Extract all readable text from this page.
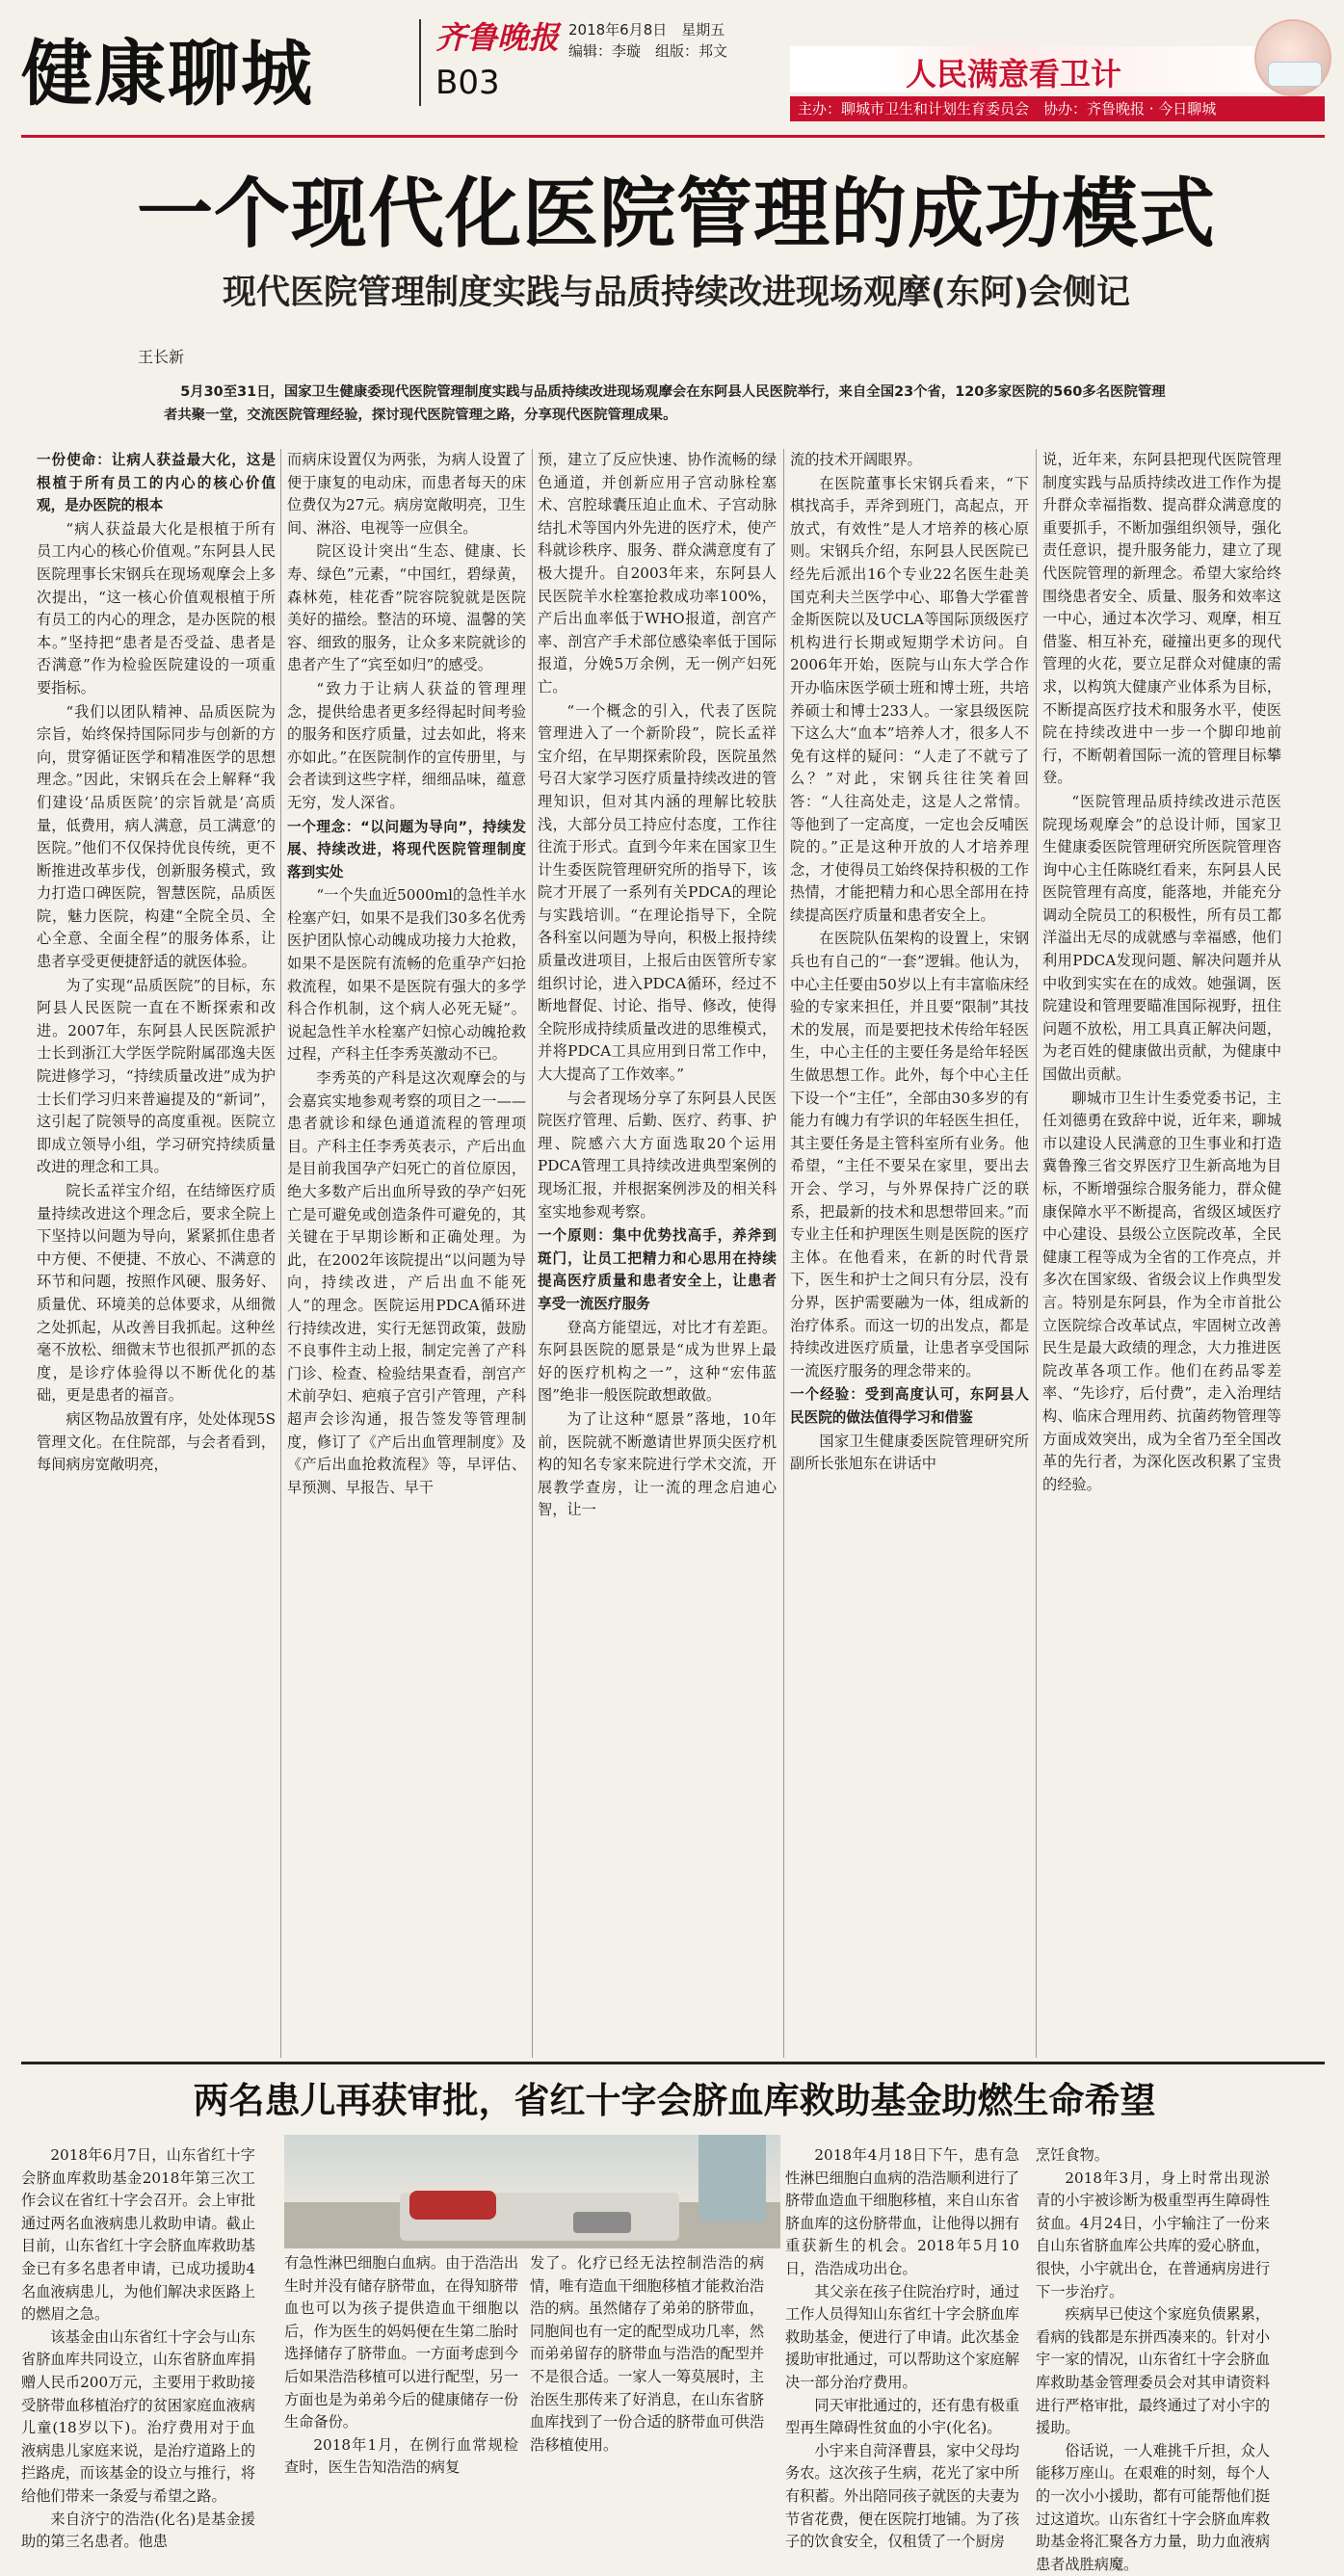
健康聊城	齐鲁晚报
B03
2018年6月8日　星期五
编辑：李璇　组版：邦文
人民满意看卫计
主办：聊城市卫生和计划生育委员会　协办：齐鲁晚报 · 今日聊城
一个现代化医院管理的成功模式
现代医院管理制度实践与品质持续改进现场观摩(东阿)会侧记
王长新
5月30至31日，国家卫生健康委现代医院管理制度实践与品质持续改进现场观摩会在东阿县人民医院举行，来自全国23个省，120多家医院的560多名医院管理者共聚一堂，交流医院管理经验，探讨现代医院管理之路，分享现代医院管理成果。

一份使命：让病人获益最大化，这是根植于所有员工的内心的核心价值观，是办医院的根本

“病人获益最大化是根植于所有员工内心的核心价值观。”东阿县人民医院理事长宋钢兵在现场观摩会上多次提出，“这一核心价值观根植于所有员工的内心的理念，是办医院的根本。”坚持把“患者是否受益、患者是否满意”作为检验医院建设的一项重要指标。

“我们以团队精神、品质医院为宗旨，始终保持国际同步与创新的方向，贯穿循证医学和精准医学的思想理念。”因此，宋钢兵在会上解释“我们建设‘品质医院’的宗旨就是‘高质量，低费用，病人满意，员工满意’的医院。”他们不仅保持优良传统，更不断推进改革步伐，创新服务模式，致力打造口碑医院，智慧医院，品质医院，魅力医院，构建“全院全员、全心全意、全面全程”的服务体系，让患者享受更便捷舒适的就医体验。

为了实现“品质医院”的目标，东阿县人民医院一直在不断探索和改进。2007年，东阿县人民医院派护士长到浙江大学医学院附属邵逸夫医院进修学习，“持续质量改进”成为护士长们学习归来普遍提及的“新词”，这引起了院领导的高度重视。医院立即成立领导小组，学习研究持续质量改进的理念和工具。

院长孟祥宝介绍，在结缔医疗质量持续改进这个理念后，要求全院上下坚持以问题为导向，紧紧抓住患者中方便、不便捷、不放心、不满意的环节和问题，按照作风硬、服务好、质量优、环境美的总体要求，从细微之处抓起，从改善目我抓起。这种丝毫不放松、细微末节也很抓严抓的态度，是诊疗体验得以不断优化的基础，更是患者的福音。

病区物品放置有序，处处体现5S管理文化。在住院部，与会者看到，每间病房宽敞明亮，

而病床设置仅为两张，为病人设置了便于康复的电动床，而患者每天的床位费仅为27元。病房宽敞明亮，卫生间、淋浴、电视等一应俱全。

院区设计突出“生态、健康、长寿、绿色”元素，“中国红，碧绿黄，森林苑，桂花香”院容院貌就是医院美好的描绘。整洁的环境、温馨的笑容、细致的服务，让众多来院就诊的患者产生了“宾至如归”的感受。

“致力于让病人获益的管理理念，提供给患者更多经得起时间考验的服务和医疗质量，过去如此，将来亦如此。”在医院制作的宣传册里，与会者读到这些字样，细细品味，蕴意无穷，发人深省。

一个理念：“以问题为导向”，持续发展、持续改进，将现代医院管理制度落到实处

“一个失血近5000ml的急性羊水栓塞产妇，如果不是我们30多名优秀医护团队惊心动魄成功接力大抢救，如果不是医院有流畅的危重孕产妇抢救流程，如果不是医院有强大的多学科合作机制，这个病人必死无疑”。说起急性羊水栓塞产妇惊心动魄抢救过程，产科主任李秀英激动不已。

李秀英的产科是这次观摩会的与会嘉宾实地参观考察的项目之一——患者就诊和绿色通道流程的管理项目。产科主任李秀英表示，产后出血是目前我国孕产妇死亡的首位原因，绝大多数产后出血所导致的孕产妇死亡是可避免或创造条件可避免的，其关键在于早期诊断和正确处理。为此，在2002年该院提出“以问题为导向，持续改进，产后出血不能死人”的理念。医院运用PDCA循环进行持续改进，实行无惩罚政策，鼓励不良事件主动上报，制定完善了产科门诊、检查、检验结果查看，剖宫产术前孕妇、疤痕子宫引产管理，产科超声会诊沟通，报告签发等管理制度，修订了《产后出血管理制度》及《产后出血抢救流程》等，早评估、早预测、早报告、早干

预，建立了反应快速、协作流畅的绿色通道，并创新应用子宫动脉栓塞术、宫腔球囊压迫止血术、子宫动脉结扎术等国内外先进的医疗术，使产科就诊秩序、服务、群众满意度有了极大提升。自2003年来，东阿县人民医院羊水栓塞抢救成功率100%，产后出血率低于WHO报道，剖宫产率、剖宫产手术部位感染率低于国际报道，分娩5万余例，无一例产妇死亡。

“一个概念的引入，代表了医院管理进入了一个新阶段”，院长孟祥宝介绍，在早期探索阶段，医院虽然号召大家学习医疗质量持续改进的管理知识，但对其内涵的理解比较肤浅，大部分员工持应付态度，工作往往流于形式。直到今年来在国家卫生计生委医院管理研究所的指导下，该院才开展了一系列有关PDCA的理论与实践培训。“在理论指导下，全院各科室以问题为导向，积极上报持续质量改进项目，上报后由医管所专家组织讨论，进入PDCA循环，经过不断地督促、讨论、指导、修改，使得全院形成持续质量改进的思维模式，并将PDCA工具应用到日常工作中，大大提高了工作效率。”

与会者现场分享了东阿县人民医院医疗管理、后勤、医疗、药事、护理、院感六大方面选取20个运用PDCA管理工具持续改进典型案例的现场汇报，并根据案例涉及的相关科室实地参观考察。

一个原则：集中优势找高手，养斧到斑门，让员工把精力和心思用在持续提高医疗质量和患者安全上，让患者享受一流医疗服务

登高方能望远，对比才有差距。东阿县医院的愿景是“成为世界上最好的医疗机构之一”，这种“宏伟蓝图”绝非一般医院敢想敢做。

为了让这种“愿景”落地，10年前，医院就不断邀请世界顶尖医疗机构的知名专家来院进行学术交流，开展教学查房，让一流的理念启迪心智，让一

流的技术开阔眼界。

在医院董事长宋钢兵看来，“下棋找高手，弄斧到班门，高起点，开放式，有效性”是人才培养的核心原则。宋钢兵介绍，东阿县人民医院已经先后派出16个专业22名医生赴美国克利夫兰医学中心、耶鲁大学霍普金斯医院以及UCLA等国际顶级医疗机构进行长期或短期学术访问。自2006年开始，医院与山东大学合作开办临床医学硕士班和博士班，共培养硕士和博士233人。一家县级医院下这么大“血本”培养人才，很多人不免有这样的疑问：“人走了不就亏了么？”对此，宋钢兵往往笑着回答：“人往高处走，这是人之常情。等他到了一定高度，一定也会反哺医院的。”正是这种开放的人才培养理念，才使得员工始终保持积极的工作热情，才能把精力和心思全部用在持续提高医疗质量和患者安全上。

在医院队伍架构的设置上，宋钢兵也有自己的“一套”逻辑。他认为，中心主任要由50岁以上有丰富临床经验的专家来担任，并且要“限制”其技术的发展，而是要把技术传给年轻医生，中心主任的主要任务是给年轻医生做思想工作。此外，每个中心主任下设一个“主任”，全部由30多岁的有能力有魄力有学识的年轻医生担任，其主要任务是主管科室所有业务。他希望，“主任不要呆在家里，要出去开会、学习，与外界保持广泛的联系，把最新的技术和思想带回来。”而专业主任和护理医生则是医院的医疗主体。在他看来，在新的时代背景下，医生和护士之间只有分层，没有分界，医护需要融为一体，组成新的治疗体系。而这一切的出发点，都是持续改进医疗质量，让患者享受国际一流医疗服务的理念带来的。

一个经验：受到高度认可，东阿县人民医院的做法值得学习和借鉴

国家卫生健康委医院管理研究所副所长张旭东在讲话中

说，近年来，东阿县把现代医院管理制度实践与品质持续改进工作作为提升群众幸福指数、提高群众满意度的重要抓手，不断加强组织领导，强化责任意识，提升服务能力，建立了现代医院管理的新理念。希望大家给终围绕患者安全、质量、服务和效率这一中心，通过本次学习、观摩，相互借鉴、相互补充，碰撞出更多的现代管理的火花，要立足群众对健康的需求，以构筑大健康产业体系为目标，不断提高医疗技术和服务水平，使医院在持续改进中一步一个脚印地前行，不断朝着国际一流的管理目标攀登。

“医院管理品质持续改进示范医院现场观摩会”的总设计师，国家卫生健康委医院管理研究所医院管理咨询中心主任陈晓红看来，东阿县人民医院管理有高度，能落地，并能充分调动全院员工的积极性，所有员工都洋溢出无尽的成就感与幸福感，他们利用PDCA发现问题、解决问题并从中收到实实在在的成效。她强调，医院建设和管理要瞄准国际视野，扭住问题不放松，用工具真正解决问题，为老百姓的健康做出贡献，为健康中国做出贡献。

聊城市卫生计生委党委书记，主任刘德勇在致辞中说，近年来，聊城市以建设人民满意的卫生事业和打造冀鲁豫三省交界医疗卫生新高地为目标，不断增强综合服务能力，群众健康保障水平不断提高，省级区域医疗中心建设、县级公立医院改革，全民健康工程等成为全省的工作亮点，并多次在国家级、省级会议上作典型发言。特别是东阿县，作为全市首批公立医院综合改革试点，牢固树立改善民生是最大政绩的理念，大力推进医院改革各项工作。他们在药品零差率、“先诊疗，后付费”，走入治理结构、临床合理用药、抗菌药物管理等方面成效突出，成为全省乃至全国改革的先行者，为深化医改积累了宝贵的经验。

两名患儿再获审批，省红十字会脐血库救助基金助燃生命希望

2018年6月7日，山东省红十字会脐血库救助基金2018年第三次工作会议在省红十字会召开。会上审批通过两名血液病患儿救助申请。截止目前，山东省红十字会脐血库救助基金已有多名患者申请，已成功援助4名血液病患儿，为他们解决求医路上的燃眉之急。

该基金由山东省红十字会与山东省脐血库共同设立，山东省脐血库捐赠人民币200万元，主要用于救助接受脐带血移植治疗的贫困家庭血液病儿童(18岁以下)。治疗费用对于血液病患儿家庭来说，是治疗道路上的拦路虎，而该基金的设立与推行，将给他们带来一条爱与希望之路。

来自济宁的浩浩(化名)是基金援助的第三名患者。他患

有急性淋巴细胞白血病。由于浩浩出生时并没有储存脐带血，在得知脐带血也可以为孩子提供造血干细胞以后，作为医生的妈妈便在生第二胎时选择储存了脐带血。一方面考虑到今后如果浩浩移植可以进行配型，另一方面也是为弟弟今后的健康储存一份生命备份。

2018年1月，在例行血常规检查时，医生告知浩浩的病复

发了。化疗已经无法控制浩浩的病情，唯有造血干细胞移植才能救治浩浩的病。虽然储存了弟弟的脐带血，同胞间也有一定的配型成功几率，然而弟弟留存的脐带血与浩浩的配型并不是很合适。一家人一筹莫展时，主治医生那传来了好消息，在山东省脐血库找到了一份合适的脐带血可供浩浩移植使用。

2018年4月18日下午，患有急性淋巴细胞白血病的浩浩顺利进行了脐带血造血干细胞移植，来自山东省脐血库的这份脐带血，让他得以拥有重获新生的机会。2018年5月10日，浩浩成功出仓。

其父亲在孩子住院治疗时，通过工作人员得知山东省红十字会脐血库救助基金，便进行了申请。此次基金援助审批通过，可以帮助这个家庭解决一部分治疗费用。

同天审批通过的，还有患有极重型再生障碍性贫血的小宇(化名)。

小宇来自菏泽曹县，家中父母均务农。这次孩子生病，花光了家中所有积蓄。外出陪同孩子就医的夫妻为节省花费，便在医院打地铺。为了孩子的饮食安全，仅租赁了一个厨房

烹饪食物。

2018年3月，身上时常出现淤青的小宇被诊断为极重型再生障碍性贫血。4月24日，小宇输注了一份来自山东省脐血库公共库的爱心脐血，很快，小宇就出仓，在普通病房进行下一步治疗。

疾病早已使这个家庭负债累累，看病的钱都是东拼西凑来的。针对小宇一家的情况，山东省红十字会脐血库救助基金管理委员会对其申请资料进行严格审批，最终通过了对小宇的援助。

俗话说，一人难挑千斤担，众人能移万座山。在艰难的时刻，每个人的一次小小援助，都有可能帮他们挺过这道坎。山东省红十字会脐血库救助基金将汇聚各方力量，助力血液病患者战胜病魔。
